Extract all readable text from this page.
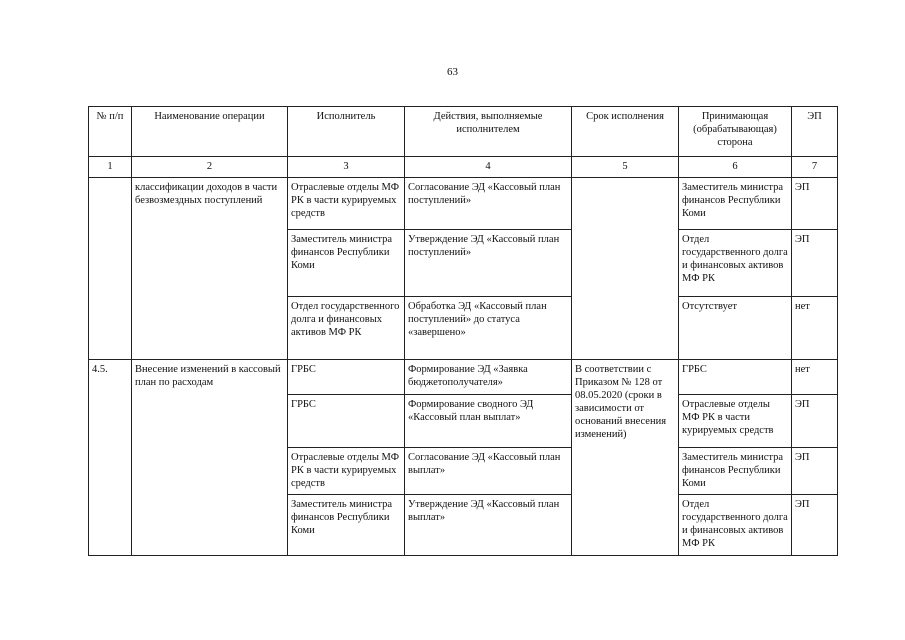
63
№ п/п	Наименование операции	Исполнитель	Действия, выполняемые исполнителем	Срок исполнения	Принимающая (обрабатывающая) сторона	ЭП
1	2	3	4	5	6	7
	классификации доходов в части безвозмездных поступлений	Отраслевые отделы МФ РК в части курируемых средств	Согласование ЭД «Кассовый план поступлений»		Заместитель министра финансов Республики Коми	ЭП
		Заместитель министра финансов Республики Коми	Утверждение ЭД «Кассовый план поступлений»		Отдел государственного долга и финансовых активов МФ РК	ЭП
		Отдел государственного долга и финансовых активов МФ РК	Обработка ЭД «Кассовый план поступлений» до статуса «завершено»		Отсутствует	нет
4.5.	Внесение изменений в кассовый план по расходам	ГРБС	Формирование ЭД «Заявка бюджетополучателя»	В соответствии с Приказом № 128 от 08.05.2020 (сроки в зависимости от оснований внесения изменений)	ГРБС	нет
		ГРБС	Формирование сводного ЭД «Кассовый план выплат»		Отраслевые отделы МФ РК в части курируемых средств	ЭП
		Отраслевые отделы МФ РК в части курируемых средств	Согласование ЭД «Кассовый план выплат»		Заместитель министра финансов Республики Коми	ЭП
		Заместитель министра финансов Республики Коми	Утверждение ЭД «Кассовый план выплат»		Отдел государственного долга и финансовых активов МФ РК	ЭП
